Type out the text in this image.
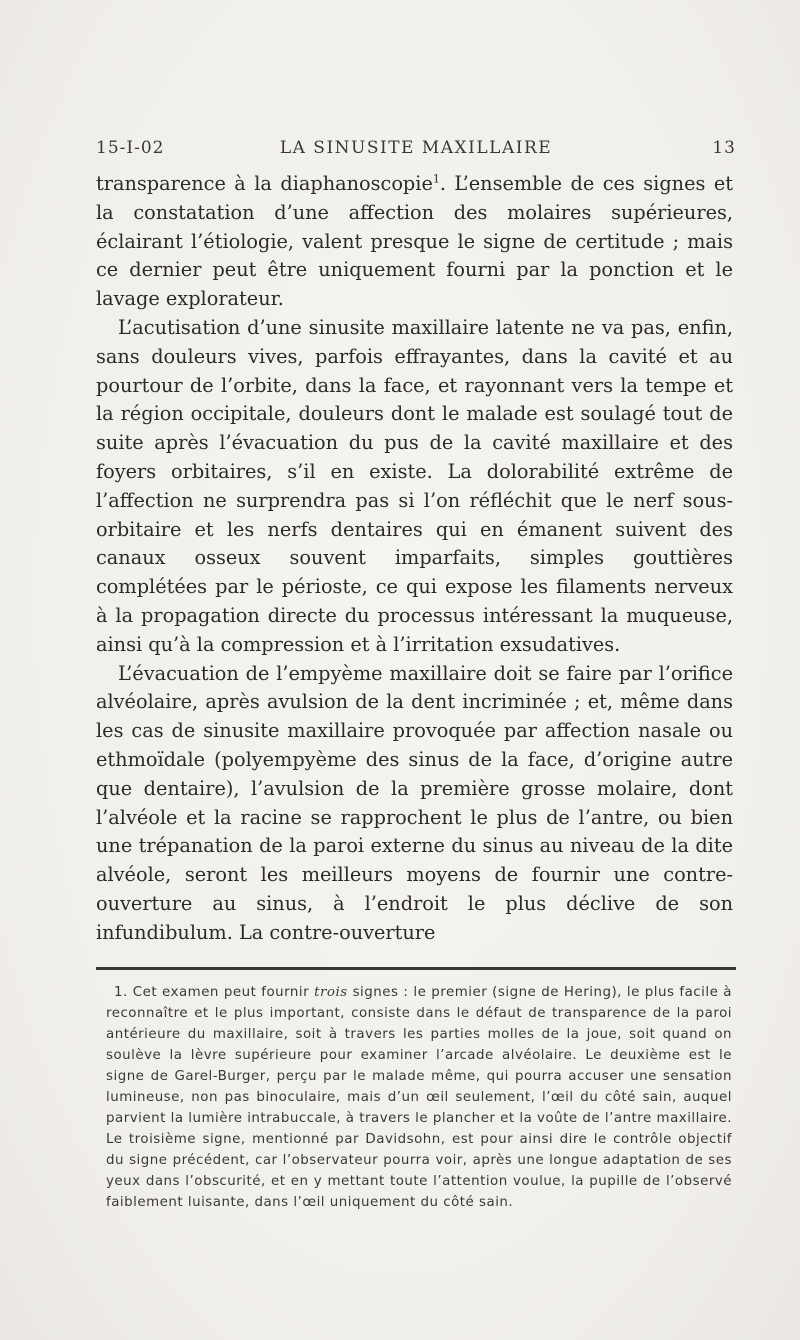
15-I-02	LA SINUSITE MAXILLAIRE	13

transparence à la diaphanoscopie$^1$. L’ensemble de ces signes et la constatation d’une affection des molaires supérieures, éclairant l’étiologie, valent presque le signe de certitude ; mais ce dernier peut être uniquement fourni par la ponction et le lavage explorateur.

L’acutisation d’une sinusite maxillaire latente ne va pas, enfin, sans douleurs vives, parfois effrayantes, dans la cavité et au pourtour de l’orbite, dans la face, et rayonnant vers la tempe et la région occipitale, douleurs dont le malade est soulagé tout de suite après l’évacuation du pus de la cavité maxillaire et des foyers orbitaires, s’il en existe. La dolorabilité extrême de l’affection ne surprendra pas si l’on réfléchit que le nerf sous-orbitaire et les nerfs dentaires qui en émanent suivent des canaux osseux souvent imparfaits, simples gouttières complétées par le périoste, ce qui expose les filaments nerveux à la propagation directe du processus intéressant la muqueuse, ainsi qu’à la compression et à l’irritation exsudatives.

L’évacuation de l’empyème maxillaire doit se faire par l’orifice alvéolaire, après avulsion de la dent incriminée ; et, même dans les cas de sinusite maxillaire provoquée par affection nasale ou ethmoïdale (polyempyème des sinus de la face, d’origine autre que dentaire), l’avulsion de la première grosse molaire, dont l’alvéole et la racine se rapprochent le plus de l’antre, ou bien une trépanation de la paroi externe du sinus au niveau de la dite alvéole, seront les meilleurs moyens de fournir une contre-ouverture au sinus, à l’endroit le plus déclive de son infundibulum. La contre-ouverture

1. Cet examen peut fournir trois signes : le premier (signe de Hering), le plus facile à reconnaître et le plus important, consiste dans le défaut de transparence de la paroi antérieure du maxillaire, soit à travers les parties molles de la joue, soit quand on soulève la lèvre supérieure pour examiner l’arcade alvéolaire. Le deuxième est le signe de Garel-Burger, perçu par le malade même, qui pourra accuser une sensation lumineuse, non pas binoculaire, mais d’un œil seulement, l’œil du côté sain, auquel parvient la lumière intrabuccale, à travers le plancher et la voûte de l’antre maxillaire. Le troisième signe, mentionné par Davidsohn, est pour ainsi dire le contrôle objectif du signe précédent, car l’observateur pourra voir, après une longue adaptation de ses yeux dans l’obscurité, et en y mettant toute l’attention voulue, la pupille de l’observé faiblement luisante, dans l’œil uniquement du côté sain.
